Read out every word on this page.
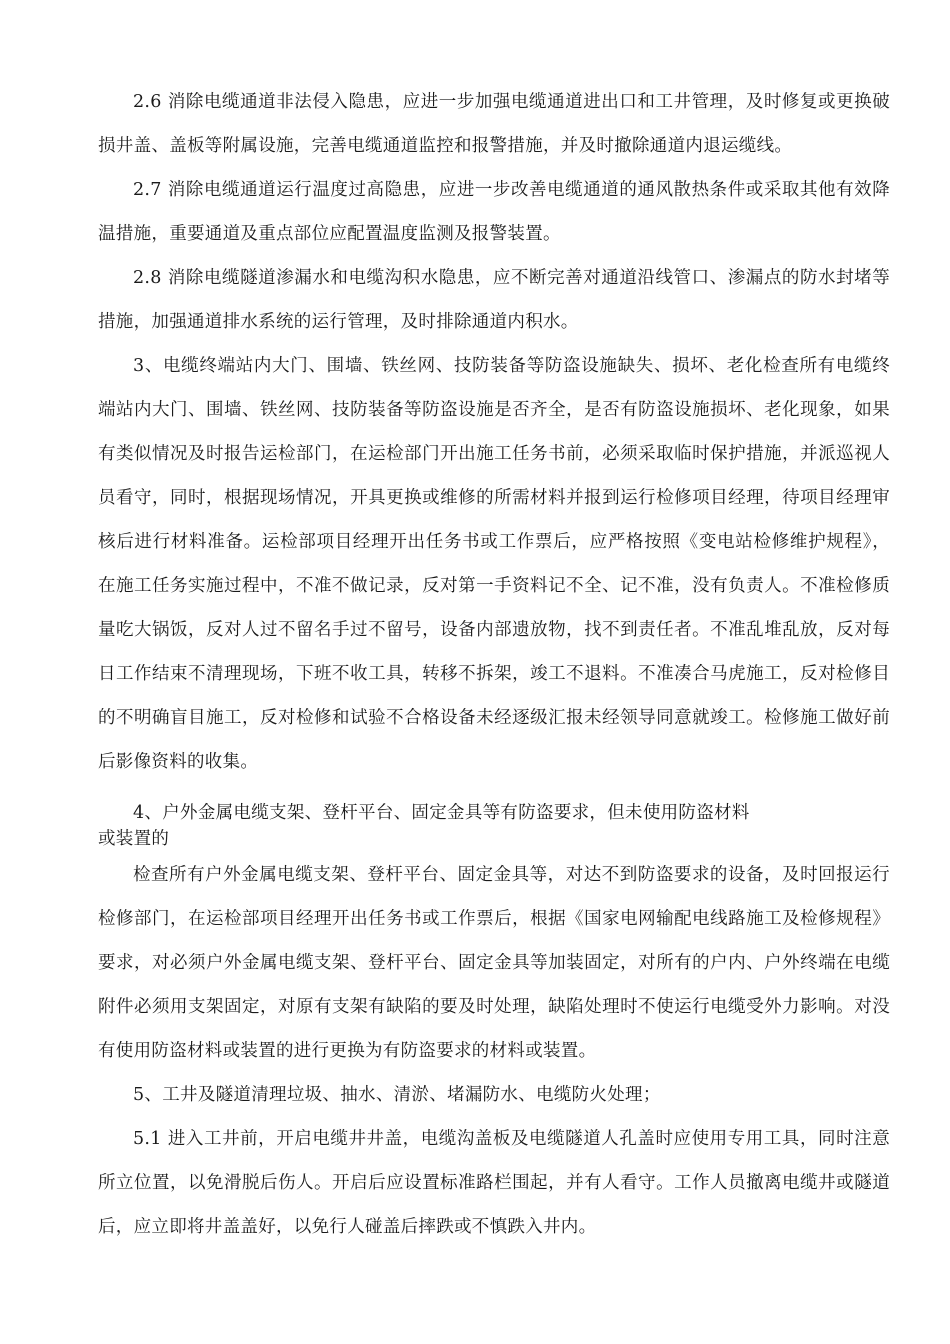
2.6 消除电缆通道非法侵入隐患，应进一步加强电缆通道进出口和工井管理，及时修复或更换破损井盖、盖板等附属设施，完善电缆通道监控和报警措施，并及时撤除通道内退运缆线。

2.7 消除电缆通道运行温度过高隐患，应进一步改善电缆通道的通风散热条件或采取其他有效降温措施，重要通道及重点部位应配置温度监测及报警装置。

2.8 消除电缆隧道渗漏水和电缆沟积水隐患，应不断完善对通道沿线管口、渗漏点的防水封堵等措施，加强通道排水系统的运行管理，及时排除通道内积水。

3、电缆终端站内大门、围墙、铁丝网、技防装备等防盗设施缺失、损坏、老化检查所有电缆终端站内大门、围墙、铁丝网、技防装备等防盗设施是否齐全，是否有防盗设施损坏、老化现象，如果有类似情况及时报告运检部门，在运检部门开出施工任务书前，必须采取临时保护措施，并派巡视人员看守，同时，根据现场情况，开具更换或维修的所需材料并报到运行检修项目经理，待项目经理审核后进行材料准备。运检部项目经理开出任务书或工作票后，应严格按照《变电站检修维护规程》，在施工任务实施过程中，不准不做记录，反对第一手资料记不全、记不准，没有负责人。不准检修质量吃大锅饭，反对人过不留名手过不留号，设备内部遗放物，找不到责任者。不准乱堆乱放，反对每日工作结束不清理现场，下班不收工具，转移不拆架，竣工不退料。不准凑合马虎施工，反对检修目的不明确盲目施工，反对检修和试验不合格设备未经逐级汇报未经领导同意就竣工。检修施工做好前后影像资料的收集。

4、户外金属电缆支架、登杆平台、固定金具等有防盗要求，但未使用防盗材料
或装置的

检查所有户外金属电缆支架、登杆平台、固定金具等，对达不到防盗要求的设备，及时回报运行检修部门，在运检部项目经理开出任务书或工作票后，根据《国家电网输配电线路施工及检修规程》要求，对必须户外金属电缆支架、登杆平台、固定金具等加装固定，对所有的户内、户外终端在电缆附件必须用支架固定，对原有支架有缺陷的要及时处理，缺陷处理时不使运行电缆受外力影响。对没有使用防盗材料或装置的进行更换为有防盗要求的材料或装置。

5、工井及隧道清理垃圾、抽水、清淤、堵漏防水、电缆防火处理；

5.1 进入工井前，开启电缆井井盖，电缆沟盖板及电缆隧道人孔盖时应使用专用工具，同时注意所立位置，以免滑脱后伤人。开启后应设置标准路栏围起，并有人看守。工作人员撤离电缆井或隧道后，应立即将井盖盖好，以免行人碰盖后摔跌或不慎跌入井内。
